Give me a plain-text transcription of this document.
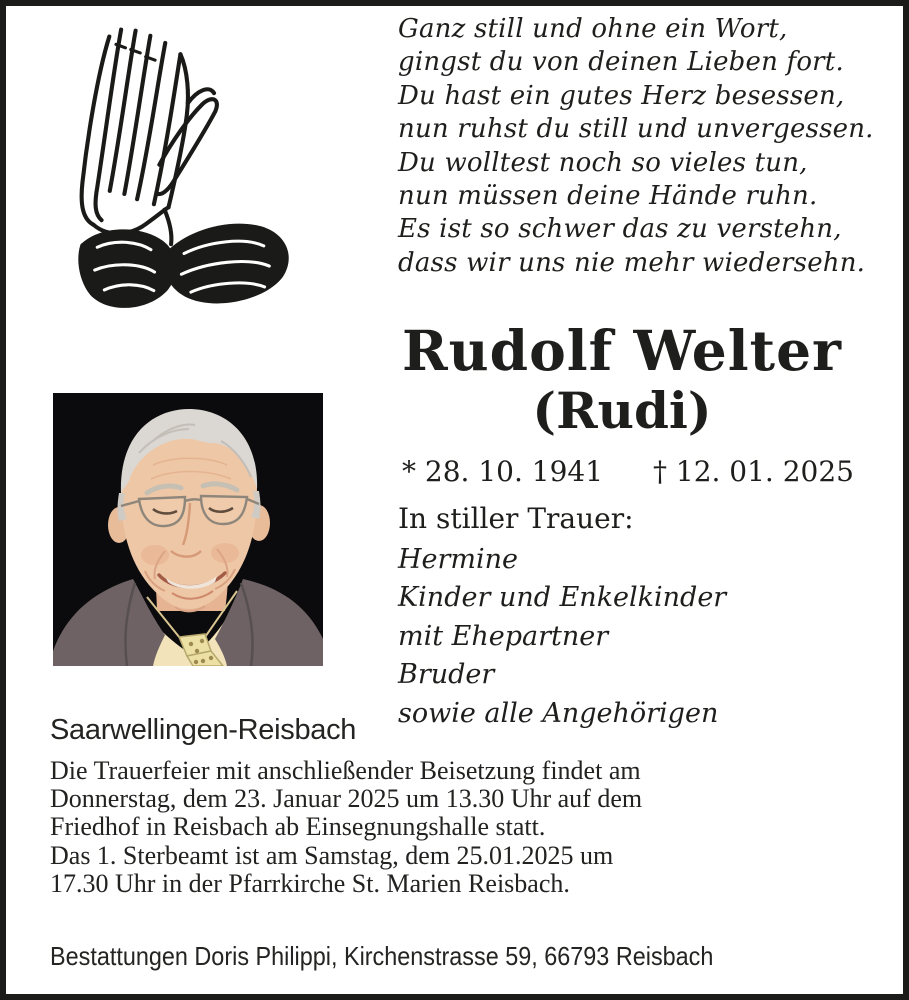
Ganz still und ohne ein Wort,
gingst du von deinen Lieben fort.
Du hast ein gutes Herz besessen,
nun ruhst du still und unvergessen.
Du wolltest noch so vieles tun,
nun müssen deine Hände ruhn.
Es ist so schwer das zu verstehn,
dass wir uns nie mehr wiedersehn.
Rudolf Welter
(Rudi)
* 28. 10. 1941 † 12. 01. 2025
In stiller Trauer:
Hermine
Kinder und Enkelkinder
mit Ehepartner
Bruder
sowie alle Angehörigen
Saarwellingen-Reisbach
Die Trauerfeier mit anschließender Beisetzung findet am
Donnerstag, dem 23. Januar 2025 um 13.30 Uhr auf dem
Friedhof in Reisbach ab Einsegnungshalle statt.
Das 1. Sterbeamt ist am Samstag, dem 25.01.2025 um
17.30 Uhr in der Pfarrkirche St. Marien Reisbach.
Bestattungen Doris Philippi, Kirchenstrasse 59, 66793 Reisbach
